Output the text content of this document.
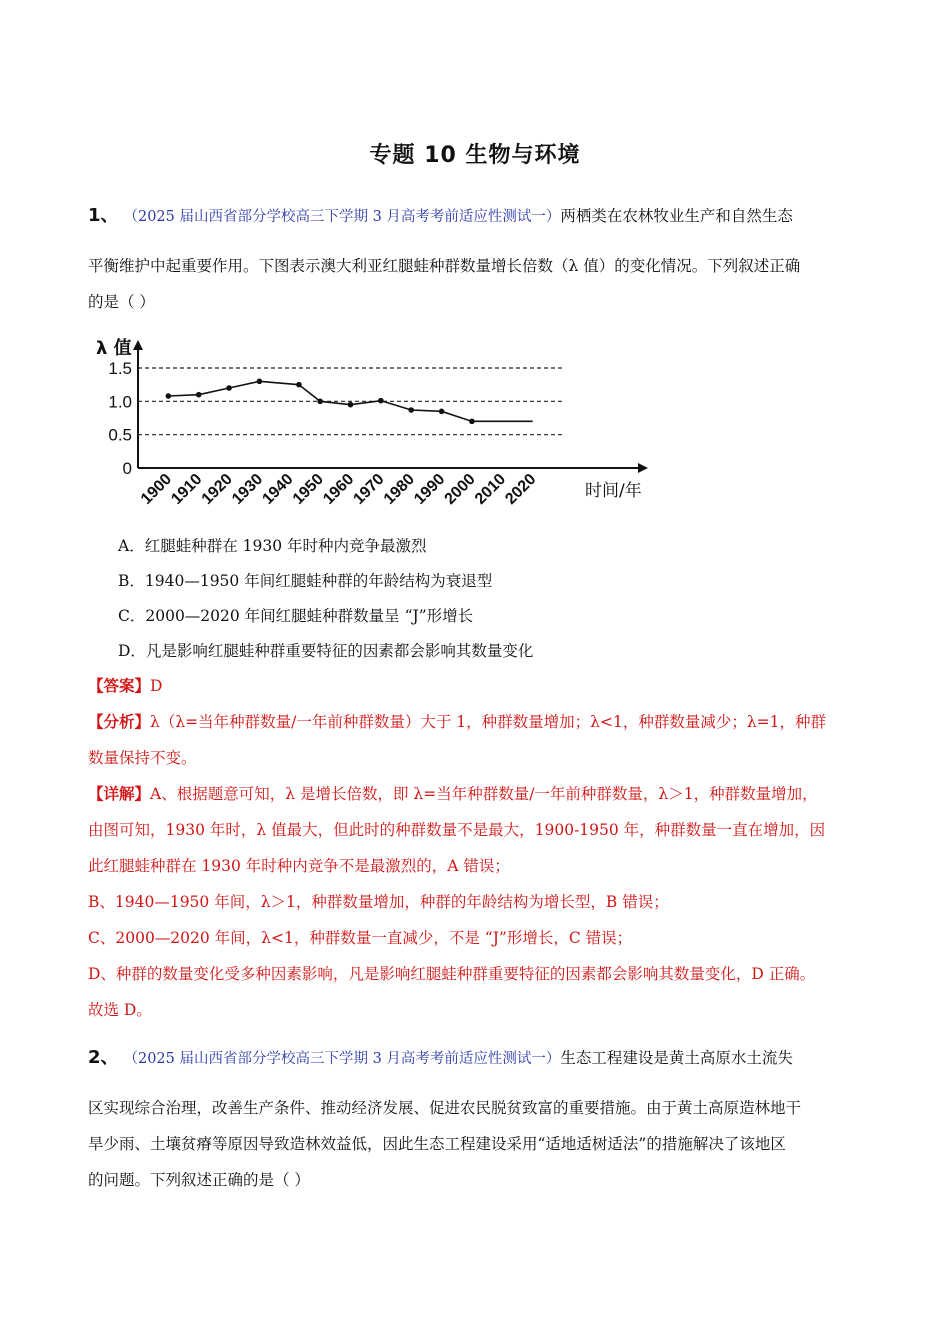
专题 10 生物与环境
1、 （2025 届山西省部分学校高三下学期 3 月高考考前适应性测试一）两栖类在农林牧业生产和自然生态
平衡维护中起重要作用。下图表示澳大利亚红腿蛙种群数量增长倍数（λ 值）的变化情况。下列叙述正确
的是（ ）
1.5
1.0
0.5
0
λ 值
1900
1910
1920
1930
1940
1950
1960
1970
1980
1990
2000
2010
2020	时间/年
A．红腿蛙种群在 1930 年时种内竞争最激烈
B．1940—1950 年间红腿蛙种群的年龄结构为衰退型
C．2000—2020 年间红腿蛙种群数量呈 “J”形增长
D．凡是影响红腿蛙种群重要特征的因素都会影响其数量变化
【答案】D
【分析】λ（λ=当年种群数量/一年前种群数量）大于 1，种群数量增加；λ<1，种群数量减少；λ=1，种群
数量保持不变。
【详解】A、根据题意可知，λ 是增长倍数，即 λ=当年种群数量/一年前种群数量，λ＞1，种群数量增加，
由图可知，1930 年时，λ 值最大，但此时的种群数量不是最大，1900-1950 年，种群数量一直在增加，因
此红腿蛙种群在 1930 年时种内竞争不是最激烈的，A 错误；
B、1940—1950 年间，λ＞1，种群数量增加，种群的年龄结构为增长型，B 错误；
C、2000—2020 年间，λ<1，种群数量一直减少，不是 “J”形增长，C 错误；
D、种群的数量变化受多种因素影响，凡是影响红腿蛙种群重要特征的因素都会影响其数量变化，D 正确。
故选 D。
2、 （2025 届山西省部分学校高三下学期 3 月高考考前适应性测试一）生态工程建设是黄土高原水土流失
区实现综合治理，改善生产条件、推动经济发展、促进农民脱贫致富的重要措施。由于黄土高原造林地干
旱少雨、土壤贫瘠等原因导致造林效益低，因此生态工程建设采用“适地适树适法”的措施解决了该地区
的问题。下列叙述正确的是（ ）
